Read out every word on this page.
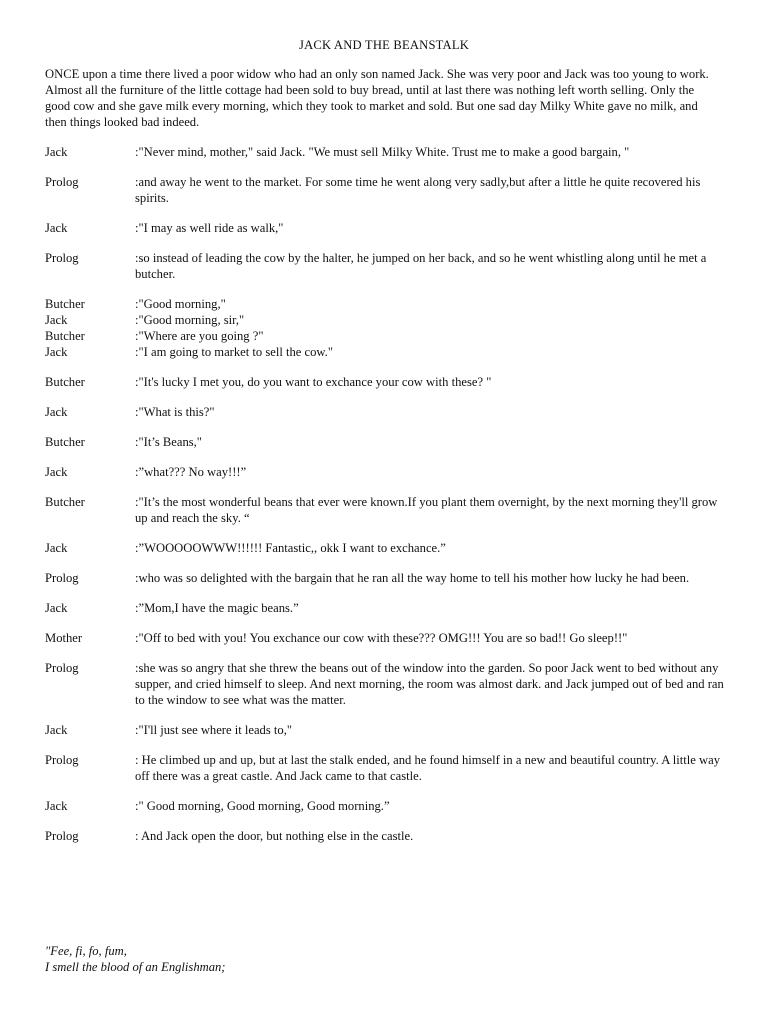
JACK AND THE BEANSTALK
ONCE upon a time there lived a poor widow who had an only son named Jack. She was very poor and Jack was too young to work. Almost all the furniture of the little cottage had been sold to buy bread, until at last there was nothing left worth selling. Only the good cow and she gave milk every morning, which they took to market and sold. But one sad day Milky White gave no milk, and then things looked bad indeed.
Jack	:"Never mind, mother," said Jack. "We must sell Milky White. Trust me to make a good bargain, "
Prolog	:and away he went to the market. For some time he went along very sadly,but after a little he quite recovered his spirits.
Jack	:"I may as well ride as walk,"
Prolog	:so instead of leading the cow by the halter, he jumped on her back, and so he went whistling along until he met a butcher.
Butcher	:"Good morning,"
Jack	:"Good morning, sir,"
Butcher	:"Where are you going ?"
Jack	:"I am going to market to sell the cow."
Butcher	:"It's lucky I met you, do you want to exchance your cow with these? "
Jack	:"What is this?"
Butcher	:"It’s Beans,"
Jack	:”what??? No way!!!”
Butcher	:"It’s the most wonderful beans that ever were known.If you plant them overnight, by the next morning they'll grow up and reach the sky. “
Jack	:”WOOOOOWWW!!!!!! Fantastic,, okk I want to exchance.”
Prolog	:who was so delighted with the bargain that he ran all the way home to tell his mother how lucky he had been.
Jack	:”Mom,I have the magic beans.”
Mother	:"Off to bed with you! You exchance our cow with these??? OMG!!! You are so bad!! Go sleep!!"
Prolog	:she was so angry that she threw the beans out of the window into the garden. So poor Jack went to bed without any supper, and cried himself to sleep. And next morning, the room was almost dark. and Jack jumped out of bed and ran to the window to see what was the matter.
Jack	:"I'll just see where it leads to,"
Prolog	: He climbed up and up, but at last the stalk ended, and he found himself in a new and beautiful country. A little way off there was a great castle. And Jack came to that castle.
Jack	:" Good morning, Good morning, Good morning.”
Prolog	: And Jack open the door, but nothing else in the castle.
"Fee, fi, fo, fum,
I smell the blood of an Englishman;
